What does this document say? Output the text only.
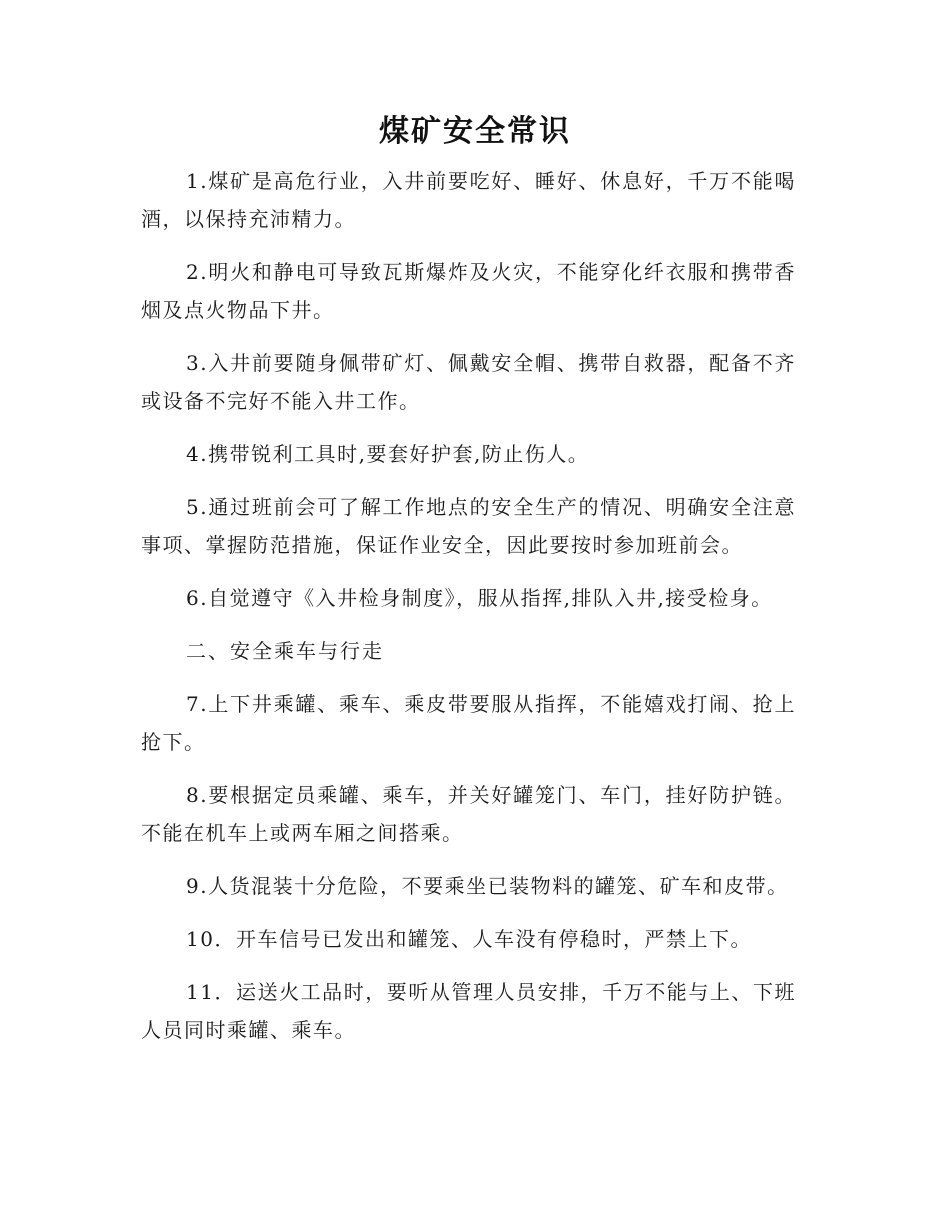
煤矿安全常识

1.煤矿是高危行业，入井前要吃好、睡好、休息好，千万不能喝酒，以保持充沛精力。

2.明火和静电可导致瓦斯爆炸及火灾，不能穿化纤衣服和携带香烟及点火物品下井。

3.入井前要随身佩带矿灯、佩戴安全帽、携带自救器，配备不齐或设备不完好不能入井工作。

4.携带锐利工具时,要套好护套,防止伤人。

5.通过班前会可了解工作地点的安全生产的情况、明确安全注意事项、掌握防范措施，保证作业安全，因此要按时参加班前会。

6.自觉遵守《入井检身制度》，服从指挥,排队入井,接受检身。

二、安全乘车与行走

7.上下井乘罐、乘车、乘皮带要服从指挥，不能嬉戏打闹、抢上抢下。

8.要根据定员乘罐、乘车，并关好罐笼门、车门，挂好防护链。不能在机车上或两车厢之间搭乘。

9.人货混装十分危险，不要乘坐已装物料的罐笼、矿车和皮带。

10．开车信号已发出和罐笼、人车没有停稳时，严禁上下。

11．运送火工品时，要听从管理人员安排，千万不能与上、下班人员同时乘罐、乘车。
